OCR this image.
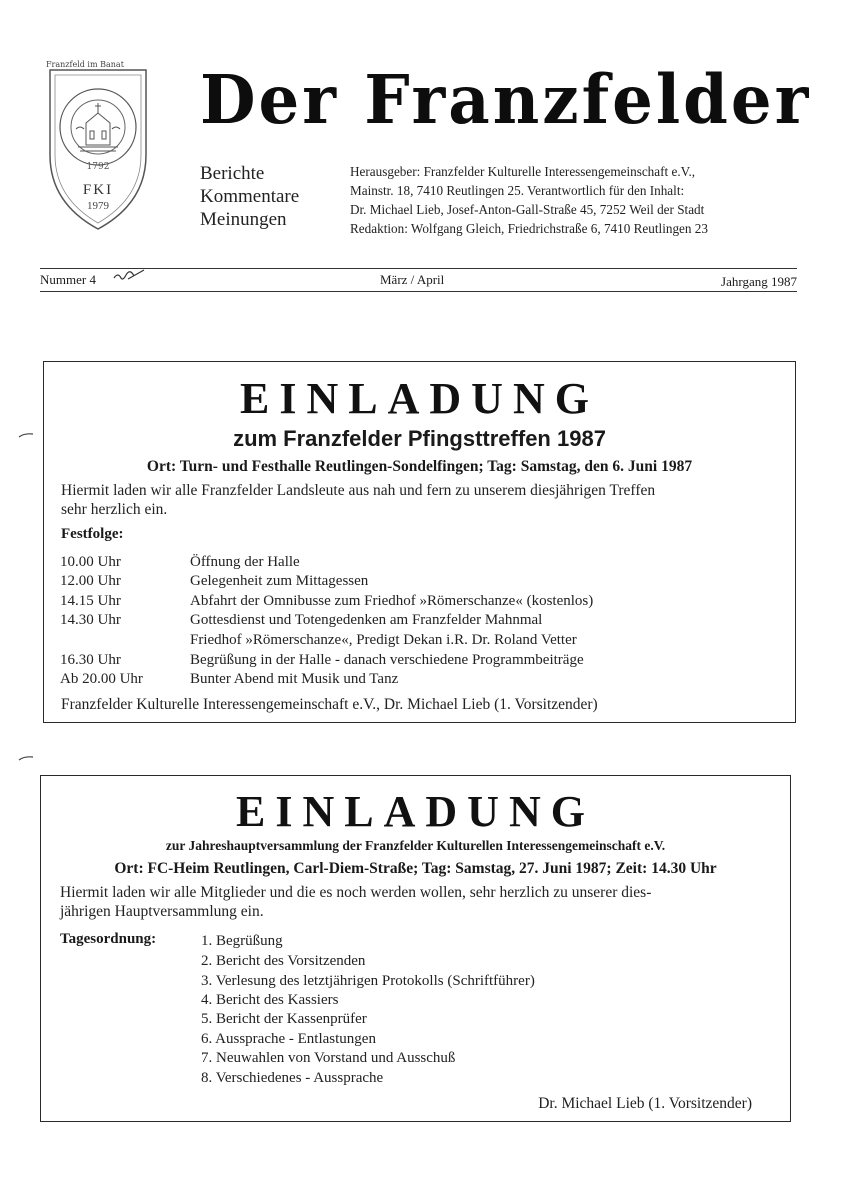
Franzfeld im Banat
1792
FKI
1979
Der Franzfelder
Berichte
Kommentare
Meinungen
Herausgeber: Franzfelder Kulturelle Interessengemeinschaft e.V.,
Mainstr. 18, 7410 Reutlingen 25. Verantwortlich für den Inhalt:
Dr. Michael Lieb, Josef-Anton-Gall-Straße 45, 7252 Weil der Stadt
Redaktion: Wolfgang Gleich, Friedrichstraße 6, 7410 Reutlingen 23
Nummer 4	März / April	Jahrgang 1987
EINLADUNG
zum Franzfelder Pfingsttreffen 1987
Ort: Turn- und Festhalle Reutlingen-Sondelfingen; Tag: Samstag, den 6. Juni 1987
Hiermit laden wir alle Franzfelder Landsleute aus nah und fern zu unserem diesjährigen Treffen
sehr herzlich ein.
Festfolge:
10.00 Uhr	Öffnung der Halle
12.00 Uhr	Gelegenheit zum Mittagessen
14.15 Uhr	Abfahrt der Omnibusse zum Friedhof »Römerschanze« (kostenlos)
14.30 Uhr	Gottesdienst und Totengedenken am Franzfelder Mahnmal
Friedhof »Römerschanze«, Predigt Dekan i.R. Dr. Roland Vetter
16.30 Uhr	Begrüßung in der Halle - danach verschiedene Programmbeiträge
Ab 20.00 Uhr	Bunter Abend mit Musik und Tanz
Franzfelder Kulturelle Interessengemeinschaft e.V., Dr. Michael Lieb (1. Vorsitzender)
EINLADUNG
zur Jahreshauptversammlung der Franzfelder Kulturellen Interessengemeinschaft e.V.
Ort: FC-Heim Reutlingen, Carl-Diem-Straße; Tag: Samstag, 27. Juni 1987; Zeit: 14.30 Uhr
Hiermit laden wir alle Mitglieder und die es noch werden wollen, sehr herzlich zu unserer dies-
jährigen Hauptversammlung ein.
Tagesordnung:	1. Begrüßung
2. Bericht des Vorsitzenden
3. Verlesung des letztjährigen Protokolls (Schriftführer)
4. Bericht des Kassiers
5. Bericht der Kassenprüfer
6. Aussprache - Entlastungen
7. Neuwahlen von Vorstand und Ausschuß
8. Verschiedenes - Aussprache
Dr. Michael Lieb (1. Vorsitzender)
